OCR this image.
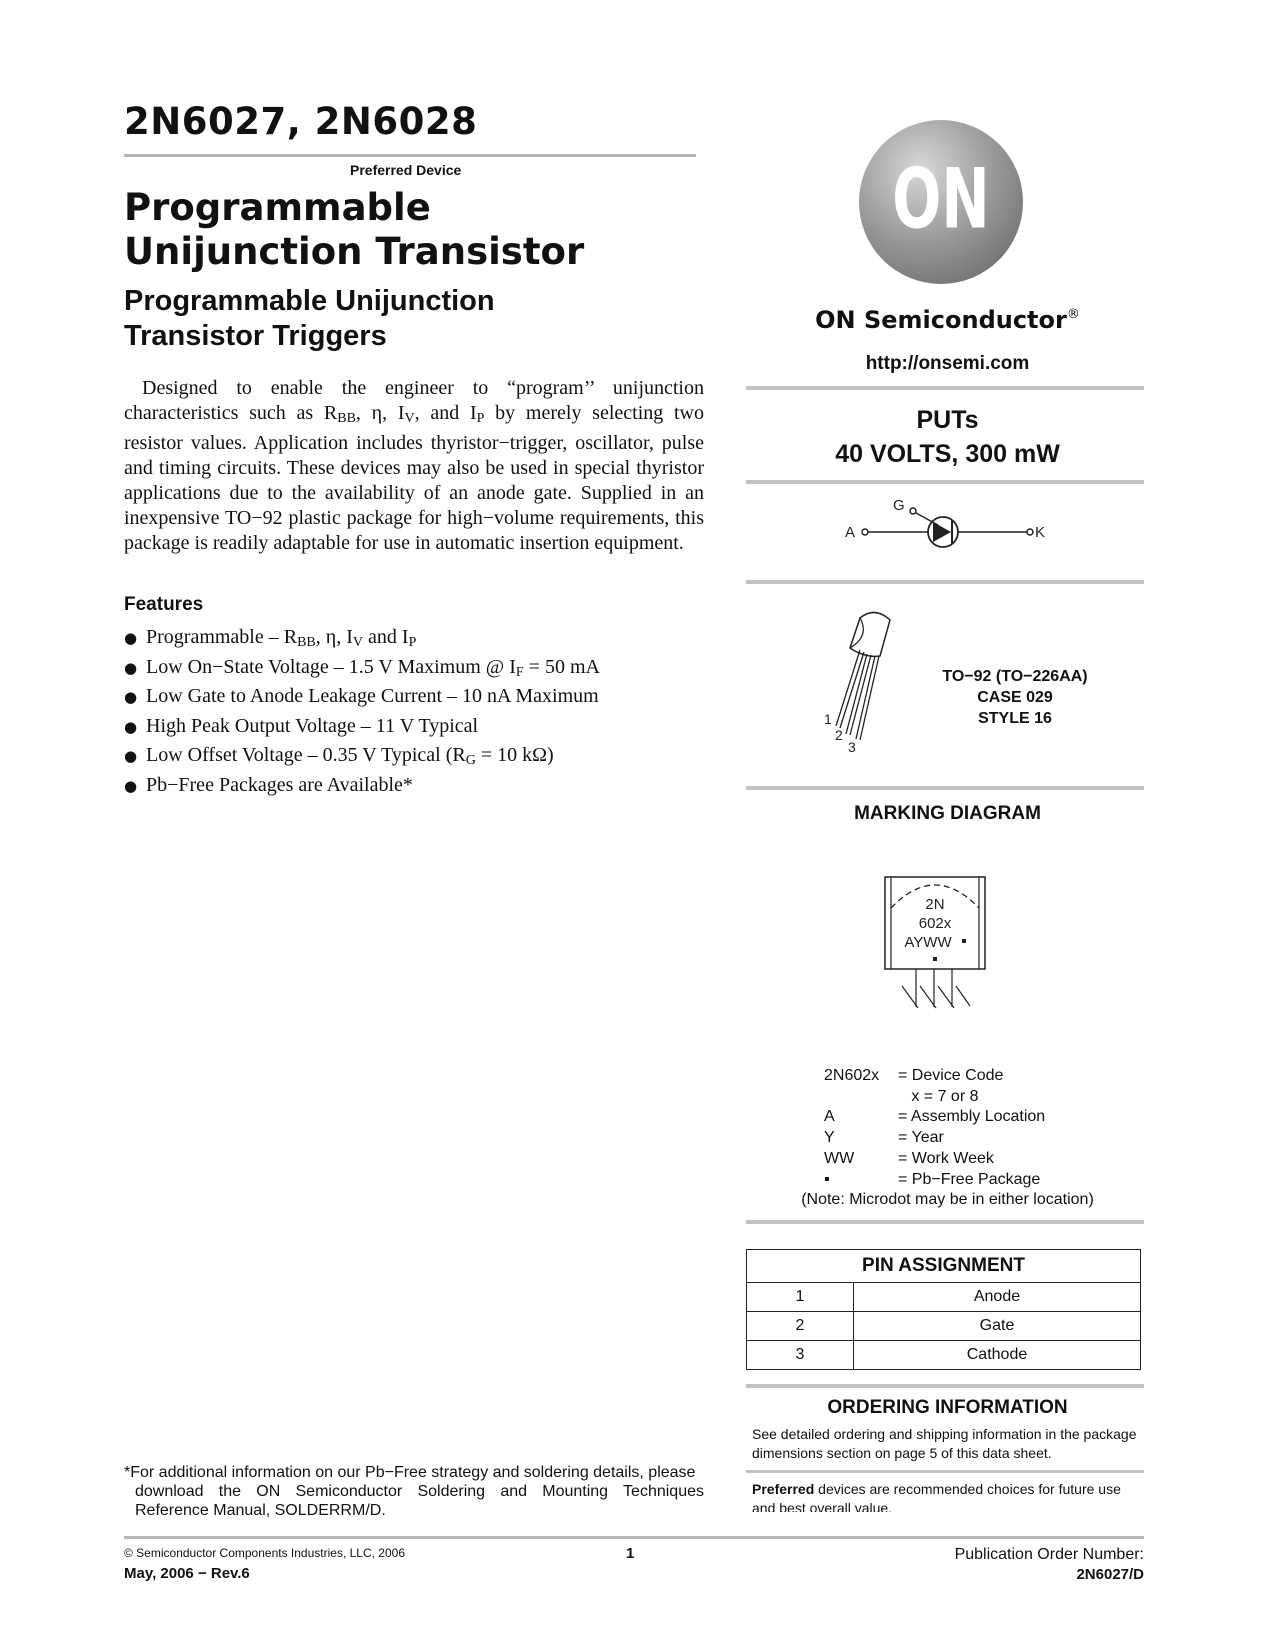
2N6027, 2N6028
Preferred Device
Programmable
Unijunction Transistor
Programmable Unijunction
Transistor Triggers
Designed to enable the engineer to “program’’ unijunction characteristics such as $R_{BB}$, η, $I_V$, and $I_P$ by merely selecting two resistor values. Application includes thyristor−trigger, oscillator, pulse and timing circuits. These devices may also be used in special thyristor applications due to the availability of an anode gate. Supplied in an inexpensive TO−92 plastic package for high−volume requirements, this package is readily adaptable for use in automatic insertion equipment.
Features
● Programmable – $R_{BB}$, η, $I_V$ and $I_P$
● Low On−State Voltage – 1.5 V Maximum @ $I_F = 50$ mA
● Low Gate to Anode Leakage Current – 10 nA Maximum
● High Peak Output Voltage – 11 V Typical
● Low Offset Voltage – 0.35 V Typical ($R_G = 10$ kΩ)
● Pb−Free Packages are Available*
*For additional information on our Pb−Free strategy and soldering details, please
download the ON Semiconductor Soldering and Mounting Techniques
Reference Manual, SOLDERRM/D.
ON
ON Semiconductor®
http://onsemi.com
PUTs
40 VOLTS, 300 mW
G
A	K
1
2
3
TO−92 (TO−226AA)
CASE 029
STYLE 16
MARKING DIAGRAM
2N
602x
AYWW
2N602x = Device Code
x = 7 or 8
A	= Assembly Location
Y	= Year
WW	= Work Week
▪	= Pb−Free Package
(Note: Microdot may be in either location)
PIN ASSIGNMENT	
1	Anode
2	Gate
3	Cathode
ORDERING INFORMATION
See detailed ordering and shipping information in the package dimensions section on page 5 of this data sheet.
Preferred devices are recommended choices for future use and best overall value.
© Semiconductor Components Industries, LLC, 2006
May, 2006 − Rev.6
1	Publication Order Number:
2N6027/D
